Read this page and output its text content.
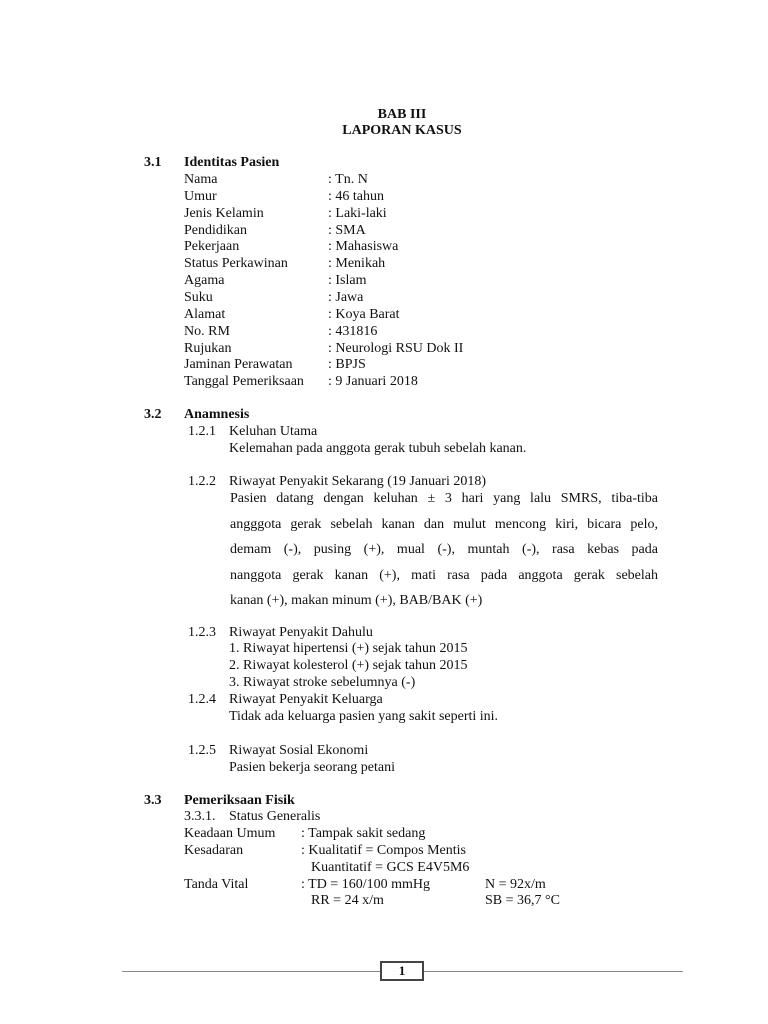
BAB III
LAPORAN KASUS
3.1 Identitas Pasien
Nama	: Tn. N
Umur	: 46 tahun
Jenis Kelamin	: Laki-laki
Pendidikan	: SMA
Pekerjaan	: Mahasiswa
Status Perkawinan	: Menikah
Agama	: Islam
Suku	: Jawa
Alamat	: Koya Barat
No. RM	: 431816
Rujukan	: Neurologi RSU Dok II
Jaminan Perawatan	: BPJS
Tanggal Pemeriksaan : 9 Januari 2018
3.2 Anamnesis
1.2.1 Keluhan Utama
Kelemahan pada anggota gerak tubuh sebelah kanan.
1.2.2 Riwayat Penyakit Sekarang (19 Januari 2018)
Pasien datang dengan keluhan ± 3 hari yang lalu SMRS, tiba-tiba
angggota gerak sebelah kanan dan mulut mencong kiri, bicara pelo,
demam (-), pusing (+), mual (-), muntah (-), rasa kebas pada
nanggota gerak kanan (+), mati rasa pada anggota gerak sebelah
kanan (+), makan minum (+), BAB/BAK (+)
1.2.3 Riwayat Penyakit Dahulu
1. Riwayat hipertensi (+) sejak tahun 2015
2. Riwayat kolesterol (+) sejak tahun 2015
3. Riwayat stroke sebelumnya (-)
1.2.4 Riwayat Penyakit Keluarga
Tidak ada keluarga pasien yang sakit seperti ini.
1.2.5 Riwayat Sosial Ekonomi
Pasien bekerja seorang petani
3.3 Pemeriksaan Fisik
3.3.1. Status Generalis
Keadaan Umum : Tampak sakit sedang
Kesadaran	: Kualitatif = Compos Mentis
Kuantitatif = GCS E4V5M6
Tanda Vital	: TD = 160/100 mmHg	N = 92x/m
RR = 24 x/m	SB = 36,7 °C
1
